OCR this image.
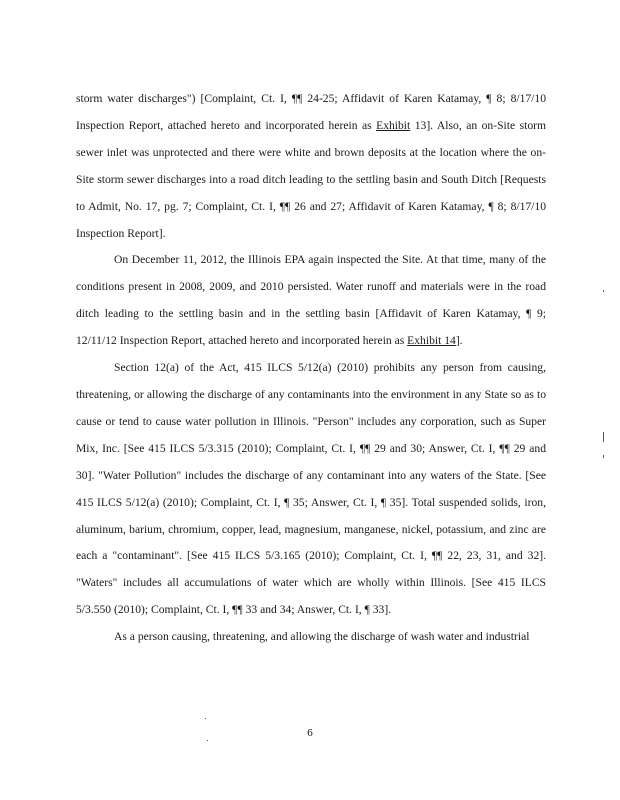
storm water discharges") [Complaint, Ct. I, ¶¶ 24-25; Affidavit of Karen Katamay, ¶ 8; 8/17/10 Inspection Report, attached hereto and incorporated herein as Exhibit 13]. Also, an on-Site storm sewer inlet was unprotected and there were white and brown deposits at the location where the on-Site storm sewer discharges into a road ditch leading to the settling basin and South Ditch [Requests to Admit, No. 17, pg. 7; Complaint, Ct. I, ¶¶ 26 and 27; Affidavit of Karen Katamay, ¶ 8; 8/17/10 Inspection Report].

On December 11, 2012, the Illinois EPA again inspected the Site. At that time, many of the conditions present in 2008, 2009, and 2010 persisted. Water runoff and materials were in the road ditch leading to the settling basin and in the settling basin [Affidavit of Karen Katamay, ¶ 9; 12/11/12 Inspection Report, attached hereto and incorporated herein as Exhibit 14].

Section 12(a) of the Act, 415 ILCS 5/12(a) (2010) prohibits any person from causing, threatening, or allowing the discharge of any contaminants into the environment in any State so as to cause or tend to cause water pollution in Illinois. "Person" includes any corporation, such as Super Mix, Inc. [See 415 ILCS 5/3.315 (2010); Complaint, Ct. I, ¶¶ 29 and 30; Answer, Ct. I, ¶¶ 29 and 30]. "Water Pollution" includes the discharge of any contaminant into any waters of the State. [See 415 ILCS 5/12(a) (2010); Complaint, Ct. I, ¶ 35; Answer, Ct. I, ¶ 35]. Total suspended solids, iron, aluminum, barium, chromium, copper, lead, magnesium, manganese, nickel, potassium, and zinc are each a "contaminant". [See 415 ILCS 5/3.165 (2010); Complaint, Ct. I, ¶¶ 22, 23, 31, and 32]. "Waters" includes all accumulations of water which are wholly within Illinois. [See 415 ILCS 5/3.550 (2010); Complaint, Ct. I, ¶¶ 33 and 34; Answer, Ct. I, ¶ 33].

As a person causing, threatening, and allowing the discharge of wash water and industrial

6
